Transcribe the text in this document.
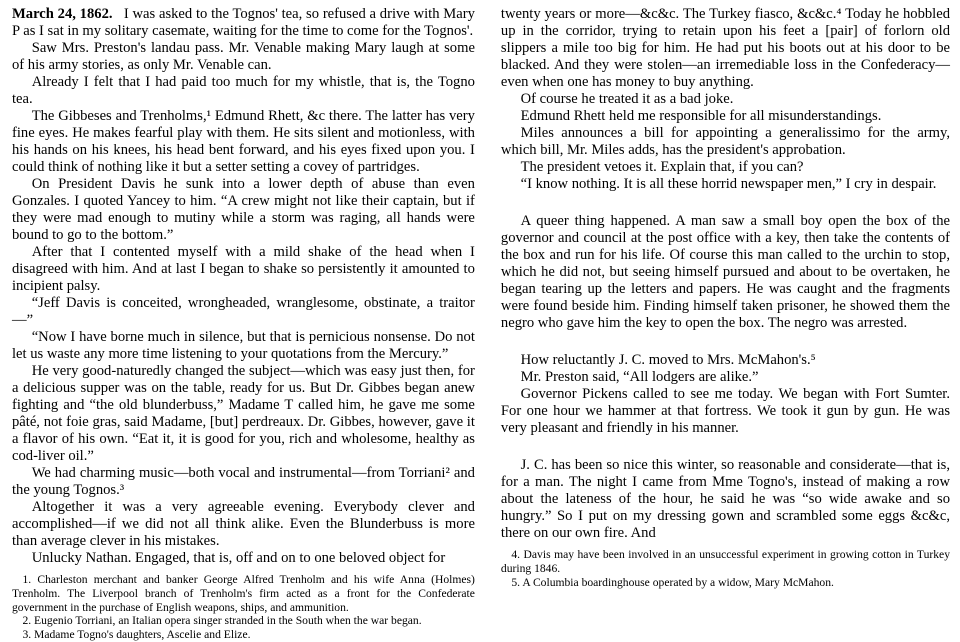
March 24, 1862. I was asked to the Tognos' tea, so refused a drive with Mary P as I sat in my solitary casemate, waiting for the time to come for the Tognos'.

Saw Mrs. Preston's landau pass. Mr. Venable making Mary laugh at some of his army stories, as only Mr. Venable can.

Already I felt that I had paid too much for my whistle, that is, the Togno tea.

The Gibbeses and Trenholms,¹ Edmund Rhett, &c there. The latter has very fine eyes. He makes fearful play with them. He sits silent and motionless, with his hands on his knees, his head bent forward, and his eyes fixed upon you. I could think of nothing like it but a setter setting a covey of partridges.

On President Davis he sunk into a lower depth of abuse than even Gonzales. I quoted Yancey to him. “A crew might not like their captain, but if they were mad enough to mutiny while a storm was raging, all hands were bound to go to the bottom.”

After that I contented myself with a mild shake of the head when I disagreed with him. And at last I began to shake so persistently it amounted to incipient palsy.

“Jeff Davis is conceited, wrongheaded, wranglesome, obstinate, a traitor—”

“Now I have borne much in silence, but that is pernicious nonsense. Do not let us waste any more time listening to your quotations from the Mercury.”

He very good-naturedly changed the subject—which was easy just then, for a delicious supper was on the table, ready for us. But Dr. Gibbes began anew fighting and “the old blunderbuss,” Madame T called him, he gave me some pâté, not foie gras, said Madame, [but] perdreaux. Dr. Gibbes, however, gave it a flavor of his own. “Eat it, it is good for you, rich and wholesome, healthy as cod-liver oil.”

We had charming music—both vocal and instrumental—from Torriani² and the young Tognos.³

Altogether it was a very agreeable evening. Everybody clever and accomplished—if we did not all think alike. Even the Blunderbuss is more than average clever in his mistakes.

Unlucky Nathan. Engaged, that is, off and on to one beloved object for

1. Charleston merchant and banker George Alfred Trenholm and his wife Anna (Holmes) Trenholm. The Liverpool branch of Trenholm's firm acted as a front for the Confederate government in the purchase of English weapons, ships, and ammunition.

2. Eugenio Torriani, an Italian opera singer stranded in the South when the war began.

3. Madame Togno's daughters, Ascelie and Elize.

twenty years or more—&c&c. The Turkey fiasco, &c&c.⁴ Today he hobbled up in the corridor, trying to retain upon his feet a [pair] of forlorn old slippers a mile too big for him. He had put his boots out at his door to be blacked. And they were stolen—an irremediable loss in the Confederacy—even when one has money to buy anything.

Of course he treated it as a bad joke.

Edmund Rhett held me responsible for all misunderstandings.

Miles announces a bill for appointing a generalissimo for the army, which bill, Mr. Miles adds, has the president's approbation.

The president vetoes it. Explain that, if you can?

“I know nothing. It is all these horrid newspaper men,” I cry in despair.

A queer thing happened. A man saw a small boy open the box of the governor and council at the post office with a key, then take the contents of the box and run for his life. Of course this man called to the urchin to stop, which he did not, but seeing himself pursued and about to be overtaken, he began tearing up the letters and papers. He was caught and the fragments were found beside him. Finding himself taken prisoner, he showed them the negro who gave him the key to open the box. The negro was arrested.

How reluctantly J. C. moved to Mrs. McMahon's.⁵

Mr. Preston said, “All lodgers are alike.”

Governor Pickens called to see me today. We began with Fort Sumter. For one hour we hammer at that fortress. We took it gun by gun. He was very pleasant and friendly in his manner.

J. C. has been so nice this winter, so reasonable and considerate—that is, for a man. The night I came from Mme Togno's, instead of making a row about the lateness of the hour, he said he was “so wide awake and so hungry.” So I put on my dressing gown and scrambled some eggs &c&c, there on our own fire. And

4. Davis may have been involved in an unsuccessful experiment in growing cotton in Turkey during 1846.

5. A Columbia boardinghouse operated by a widow, Mary McMahon.
